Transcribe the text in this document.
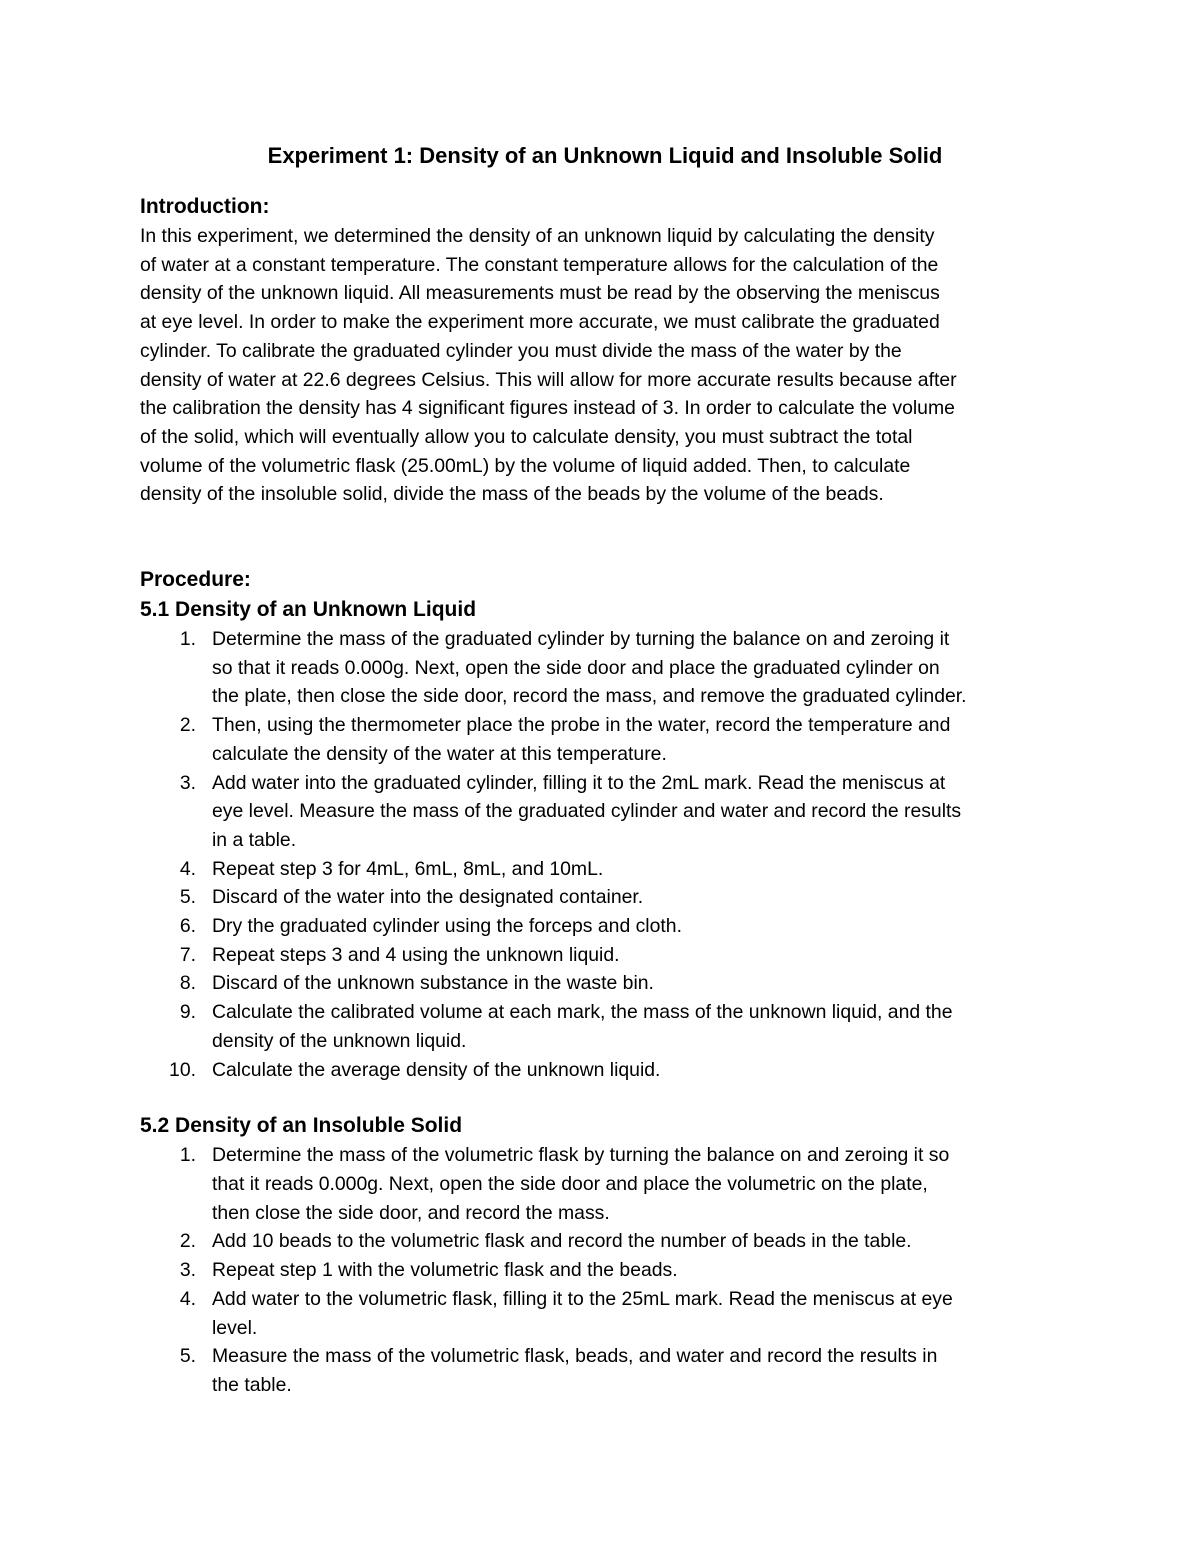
Experiment 1: Density of an Unknown Liquid and Insoluble Solid
Introduction:
In this experiment, we determined the density of an unknown liquid by calculating the density
of water at a constant temperature. The constant temperature allows for the calculation of the
density of the unknown liquid. All measurements must be read by the observing the meniscus
at eye level. In order to make the experiment more accurate, we must calibrate the graduated
cylinder. To calibrate the graduated cylinder you must divide the mass of the water by the
density of water at 22.6 degrees Celsius. This will allow for more accurate results because after
the calibration the density has 4 significant figures instead of 3. In order to calculate the volume
of the solid, which will eventually allow you to calculate density, you must subtract the total
volume of the volumetric flask (25.00mL) by the volume of liquid added. Then, to calculate
density of the insoluble solid, divide the mass of the beads by the volume of the beads.
Procedure:
5.1 Density of an Unknown Liquid
1. Determine the mass of the graduated cylinder by turning the balance on and zeroing it
so that it reads 0.000g. Next, open the side door and place the graduated cylinder on
the plate, then close the side door, record the mass, and remove the graduated cylinder.
2. Then, using the thermometer place the probe in the water, record the temperature and
calculate the density of the water at this temperature.
3. Add water into the graduated cylinder, filling it to the 2mL mark. Read the meniscus at
eye level. Measure the mass of the graduated cylinder and water and record the results
in a table.
4. Repeat step 3 for 4mL, 6mL, 8mL, and 10mL.
5. Discard of the water into the designated container.
6. Dry the graduated cylinder using the forceps and cloth.
7. Repeat steps 3 and 4 using the unknown liquid.
8. Discard of the unknown substance in the waste bin.
9. Calculate the calibrated volume at each mark, the mass of the unknown liquid, and the
density of the unknown liquid.
10. Calculate the average density of the unknown liquid.
5.2 Density of an Insoluble Solid
1. Determine the mass of the volumetric flask by turning the balance on and zeroing it so
that it reads 0.000g. Next, open the side door and place the volumetric on the plate,
then close the side door, and record the mass.
2. Add 10 beads to the volumetric flask and record the number of beads in the table.
3. Repeat step 1 with the volumetric flask and the beads.
4. Add water to the volumetric flask, filling it to the 25mL mark. Read the meniscus at eye
level.
5. Measure the mass of the volumetric flask, beads, and water and record the results in
the table.
